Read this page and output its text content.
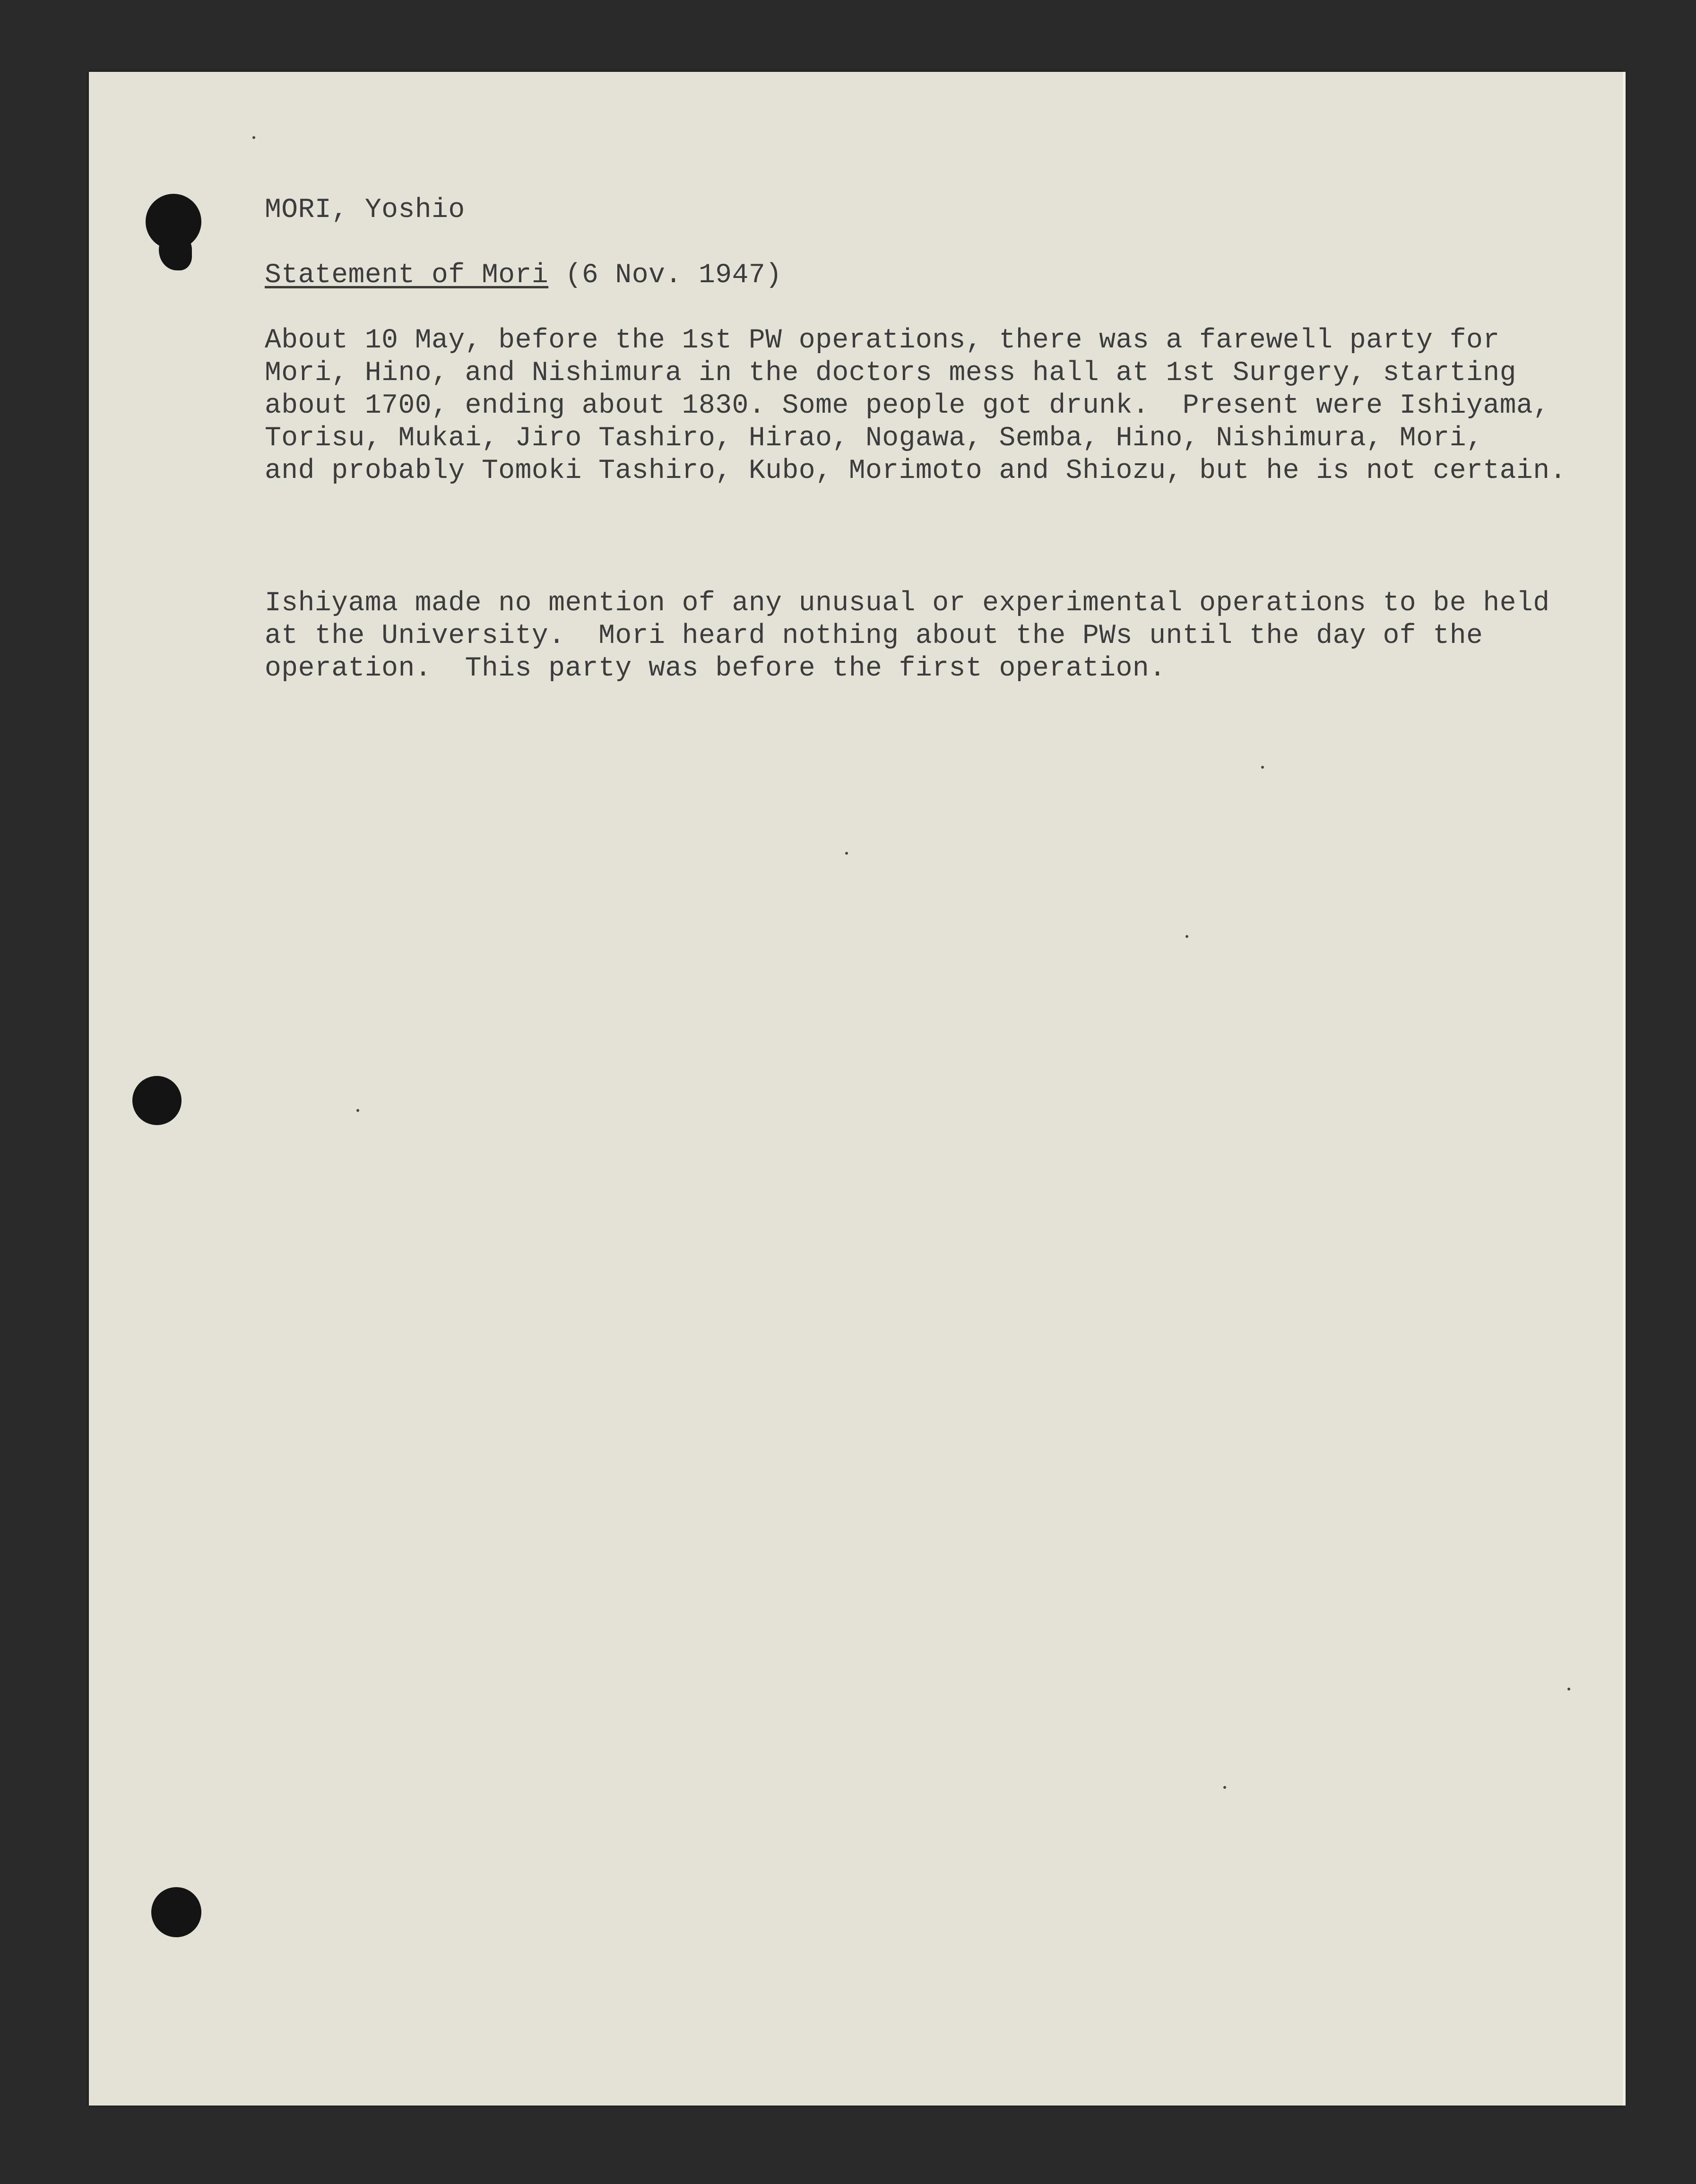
MORI, Yoshio
Statement of Mori (6 Nov. 1947)
About 10 May, before the 1st PW operations, there was a farewell party for
Mori, Hino, and Nishimura in the doctors mess hall at 1st Surgery, starting
about 1700, ending about 1830. Some people got drunk.  Present were Ishiyama,
Torisu, Mukai, Jiro Tashiro, Hirao, Nogawa, Semba, Hino, Nishimura, Mori,
and probably Tomoki Tashiro, Kubo, Morimoto and Shiozu, but he is not certain.
Ishiyama made no mention of any unusual or experimental operations to be held
at the University.  Mori heard nothing about the PWs until the day of the
operation.  This party was before the first operation.
